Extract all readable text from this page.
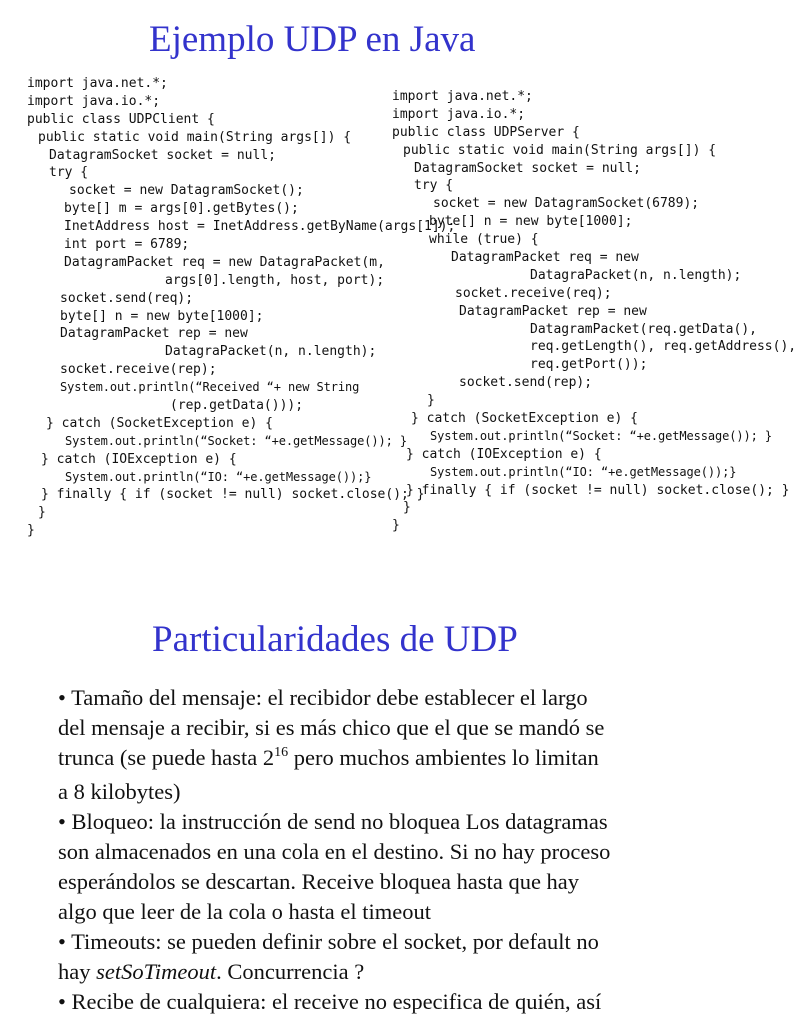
Ejemplo UDP en Java
import java.net.*;
import java.io.*;
public class UDPClient {
public static void main(String args[]) {
DatagramSocket socket = null;
try {
socket = new DatagramSocket();
byte[] m = args[0].getBytes();
InetAddress host = InetAddress.getByName(args[1]);
int port = 6789;
DatagramPacket req = new DatagraPacket(m,
args[0].length, host, port);
socket.send(req);
byte[] n = new byte[1000];
DatagramPacket rep = new
DatagraPacket(n, n.length);
socket.receive(rep);
System.out.println(“Received “+ new String
(rep.getData()));
} catch (SocketException e) {
System.out.println(“Socket: “+e.getMessage()); }
} catch (IOException e) {
System.out.println(“IO: “+e.getMessage());}
} finally { if (socket != null) socket.close(); }
}
}
import java.net.*;
import java.io.*;
public class UDPServer {
public static void main(String args[]) {
DatagramSocket socket = null;
try {
socket = new DatagramSocket(6789);
byte[] n = new byte[1000];
while (true) {
DatagramPacket req = new
DatagraPacket(n, n.length);
socket.receive(req);
DatagramPacket rep = new
DatagramPacket(req.getData(),
req.getLength(), req.getAddress(),
req.getPort());
socket.send(rep);
}
} catch (SocketException e) {
System.out.println(“Socket: “+e.getMessage()); }
} catch (IOException e) {
System.out.println(“IO: “+e.getMessage());}
} finally { if (socket != null) socket.close(); }
}
}
Particularidades de UDP
• Tamaño del mensaje: el recibidor debe establecer el largo
del mensaje a recibir, si es más chico que el que se mandó se
trunca (se puede hasta $2^{16}$ pero muchos ambientes lo limitan
a 8 kilobytes)
• Bloqueo: la instrucción de send no bloquea Los datagramas
son almacenados en una cola en el destino. Si no hay proceso
esperándolos se descartan. Receive bloquea hasta que hay
algo que leer de la cola o hasta el timeout
• Timeouts: se pueden definir sobre el socket, por default no
hay setSoTimeout. Concurrencia ?
• Recibe de cualquiera: el receive no especifica de quién, así
